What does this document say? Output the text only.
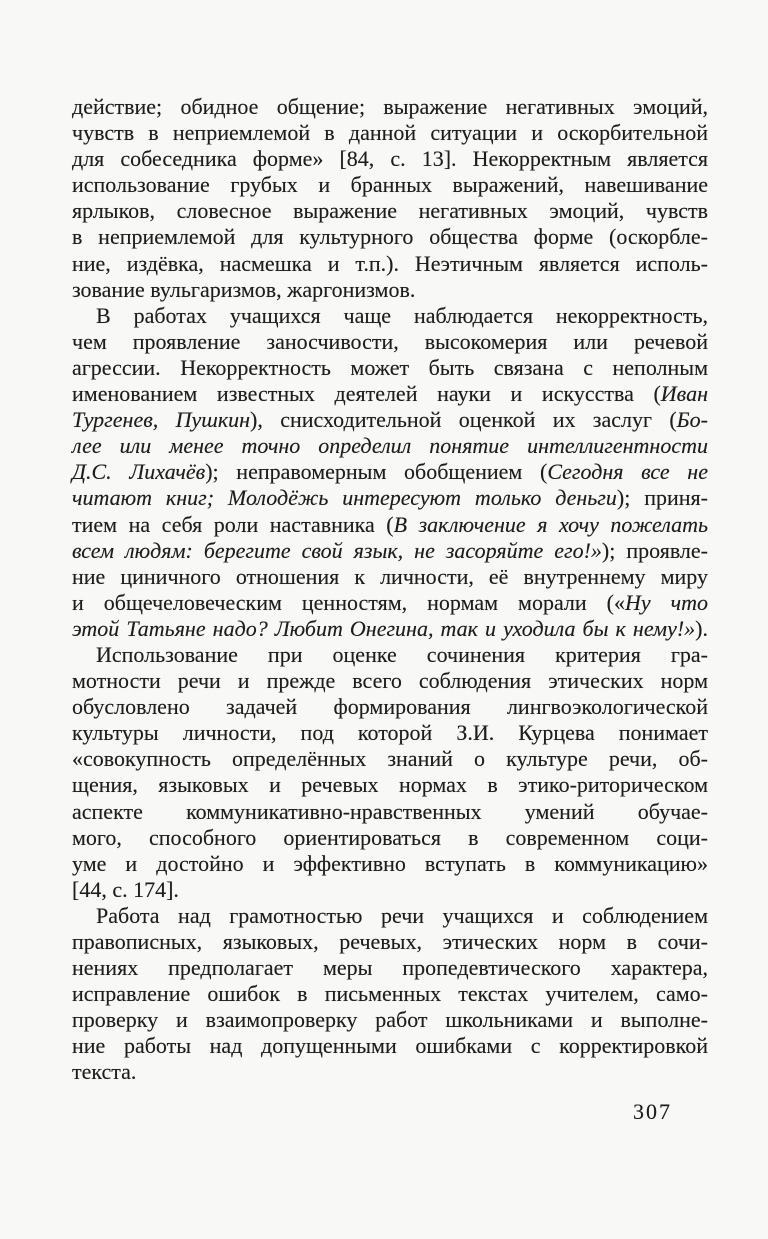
действие; обидное общение; выражение негативных эмоций,
чувств в неприемлемой в данной ситуации и оскорбительной
для собеседника форме» [84, с. 13]. Некорректным является
использование грубых и бранных выражений, навешивание
ярлыков, словесное выражение негативных эмоций, чувств
в неприемлемой для культурного общества форме (оскорбле-
ние, издёвка, насмешка и т.п.). Неэтичным является исполь-
зование вульгаризмов, жаргонизмов.
В работах учащихся чаще наблюдается некорректность,
чем проявление заносчивости, высокомерия или речевой
агрессии. Некорректность может быть связана с неполным
именованием известных деятелей науки и искусства (Иван
Тургенев, Пушкин), снисходительной оценкой их заслуг (Бо-
лее или менее точно определил понятие интеллигентности
Д.С. Лихачёв); неправомерным обобщением (Сегодня все не
читают книг; Молодёжь интересуют только деньги); приня-
тием на себя роли наставника (В заключение я хочу пожелать
всем людям: берегите свой язык, не засоряйте его!»); проявле-
ние циничного отношения к личности, её внутреннему миру
и общечеловеческим ценностям, нормам морали («Ну что
этой Татьяне надо? Любит Онегина, так и уходила бы к нему!»).
Использование при оценке сочинения критерия гра-
мотности речи и прежде всего соблюдения этических норм
обусловлено задачей формирования лингвоэкологической
культуры личности, под которой З.И. Курцева понимает
«совокупность определённых знаний о культуре речи, об-
щения, языковых и речевых нормах в этико-риторическом
аспекте коммуникативно-нравственных умений обучае-
мого, способного ориентироваться в современном соци-
уме и достойно и эффективно вступать в коммуникацию»
[44, с. 174].
Работа над грамотностью речи учащихся и соблюдением
правописных, языковых, речевых, этических норм в сочи-
нениях предполагает меры пропедевтического характера,
исправление ошибок в письменных текстах учителем, само-
проверку и взаимопроверку работ школьниками и выполне-
ние работы над допущенными ошибками с корректировкой
текста.
307
